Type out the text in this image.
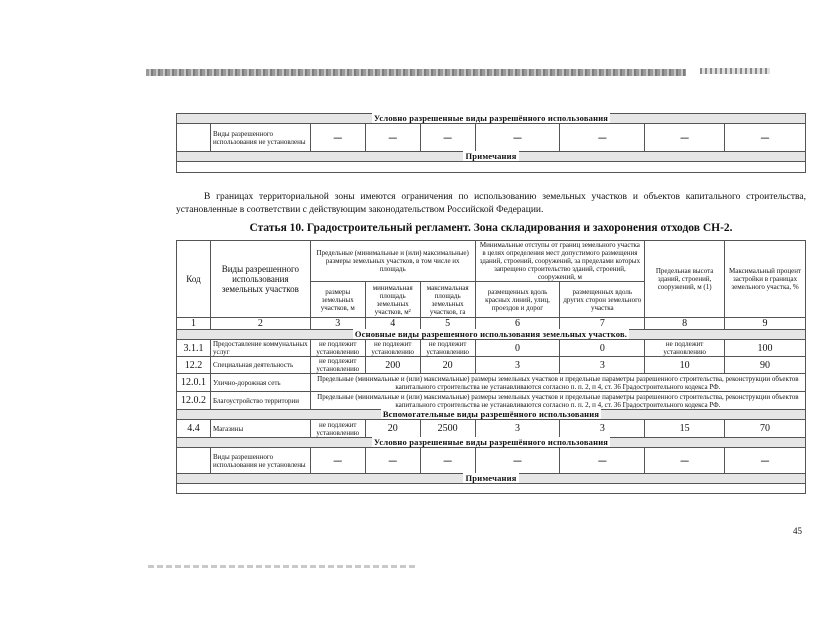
Условно разрешенные виды разрешённого использования
	Виды разрешенного использования не установлены	–	–	–	–	–	–	–
Примечания

В границах территориальной зоны имеются ограничения по использованию земельных участков и объектов капитального строительства, установленные в соответствии с действующим законодательством Российской Федерации.
Статья 10. Градостроительный регламент. Зона складирования и захоронения отходов СН-2.
Код	Виды разрешенного использования земельных участков	Предельные (минимальные и (или) максимальные) размеры земельных участков, в том числе их площадь			Минимальные отступы от границ земельного участка в целях определения мест допустимого размещения зданий, строений, сооружений, за пределами которых запрещено строительство зданий, строений, сооружений, м		Предельная высота зданий, строений, сооружений, м (1)	Максимальный процент застройки в границах земельного участка, %
		размеры земельных участков, м	минимальная площадь земельных участков, м²	максимальная площадь земельных участков, га	размещенных вдоль красных линий, улиц, проездов и дорог	размещенных вдоль других сторон земельного участка		
1	2	3	4	5	6	7	8	9
Основные виды разрешенного использования земельных участков.								
3.1.1	Предоставление коммунальных услуг	не подлежит установлению	не подлежит установлению	не подлежит установлению	0	0	не подлежит установлению	100
12.2	Специальная деятельность	не подлежит установлению	200	20	3	3	10	90
12.0.1	Улично-дорожная сеть	Предельные (минимальные и (или) максимальные) размеры земельных участков и предельные параметры разрешенного строительства, реконструкции объектов капитального строительства не устанавливаются согласно п. п. 2, п 4, ст. 36 Градостроительного кодекса РФ.						
12.0.2	Благоустройство территории	Предельные (минимальные и (или) максимальные) размеры земельных участков и предельные параметры разрешенного строительства, реконструкции объектов капитального строительства не устанавливаются согласно п. п. 2, п 4, ст. 36 Градостроительного кодекса РФ.						
Вспомогательные виды разрешённого использования								
4.4	Магазины	не подлежит установлению	20	2500	3	3	15	70
Условно разрешенные виды разрешённого использования								
	Виды разрешенного использования не установлены	–	–	–	–	–	–	–
Примечания								

45
